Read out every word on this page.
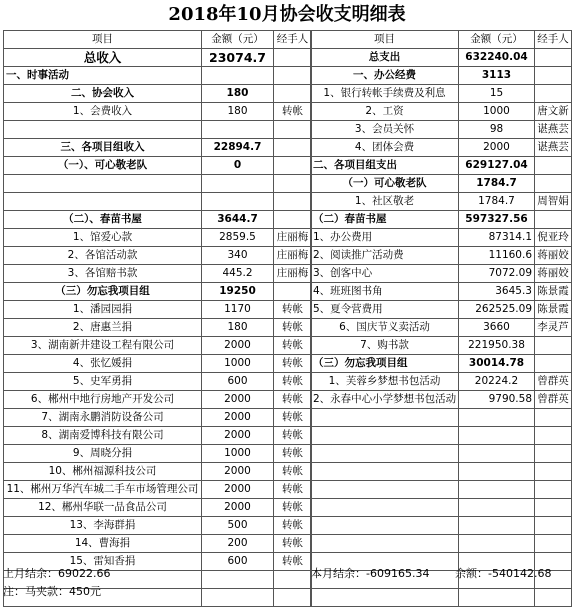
2018年10月协会收支明细表
项目	金额（元）	经手人
总收入	23074.7	
一、时事活动		
二、协会收入	180	
1、会费收入	180	转帐

三、各项目组收入	22894.7	
（一）、可心敬老队	0	

（二）、春苗书屋	3644.7	
1、馆爱心款	2859.5	庄丽梅
2、各馆活动款	340	庄丽梅
3、各馆赔书款	445.2	庄丽梅
（三）勿忘我项目组	19250	
1、潘园园捐	1170	转帐
2、唐惠兰捐	180	转帐
3、湖南新井建设工程有限公司	2000	转帐
4、张忆媛捐	1000	转帐
5、史军勇捐	600	转帐
6、郴州中地行房地产开发公司	2000	转帐
7、湖南永鹏消防设备公司	2000	转帐
8、湖南爱博科技有限公司	2000	转帐
9、周晓分捐	1000	转帐
10、郴州福源科技公司	2000	转帐
11、郴州万华汽车城二手车市场管理公司	2000	转帐
12、郴州华联一品食品公司	2000	转帐
13、李海群捐	500	转帐
14、曹海捐	200	转帐
15、雷知香捐	600	转帐

项目	金额（元）	经手人
总支出	632240.04	
一、办公经费	3113	
1、银行转帐手续费及利息	15	
2、工资	1000	唐文新
3、会员关怀	98	谌燕芸
4、团体会费	2000	谌燕芸
二、各项目组支出	629127.04	
（一）可心敬老队	1784.7	
1、社区敬老	1784.7	周智娟
（二）春苗书屋	597327.56	
1、办公费用	87314.1	倪亚玲
2、阅读推广活动费	11160.6	蒋丽姣
3、创客中心	7072.09	蒋丽姣
4、班班图书角	3645.3	陈景霞
5、夏令营费用	262525.09	陈景霞
6、国庆节义卖活动	3660	李灵芦
7、购书款	221950.38	
（三）勿忘我项目组	30014.78	
1、芙蓉乡梦想书包活动	20224.2	曾群英
2、永春中心小学梦想书包活动	9790.58	曾群英

上月结余：69022.66	本月结余：-609165.34 余额：-540142.68
注：马夹款：450元
